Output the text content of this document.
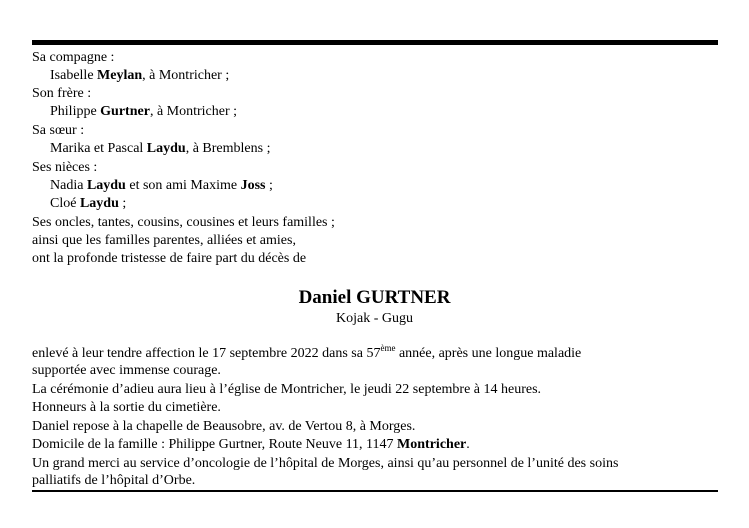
Sa compagne :
Isabelle Meylan, à Montricher ;
Son frère :
Philippe Gurtner, à Montricher ;
Sa sœur :
Marika et Pascal Laydu, à Bremblens ;
Ses nièces :
Nadia Laydu et son ami Maxime Joss ;
Cloé Laydu ;
Ses oncles, tantes, cousins, cousines et leurs familles ;
ainsi que les familles parentes, alliées et amies,
ont la profonde tristesse de faire part du décès de
Daniel GURTNER
Kojak - Gugu
enlevé à leur tendre affection le 17 septembre 2022 dans sa 57ème année, après une longue maladie
supportée avec immense courage.
La cérémonie d’adieu aura lieu à l’église de Montricher, le jeudi 22 septembre à 14 heures.
Honneurs à la sortie du cimetière.
Daniel repose à la chapelle de Beausobre, av. de Vertou 8, à Morges.
Domicile de la famille : Philippe Gurtner, Route Neuve 11, 1147 Montricher.
Un grand merci au service d’oncologie de l’hôpital de Morges, ainsi qu’au personnel de l’unité des soins
palliatifs de l’hôpital d’Orbe.
